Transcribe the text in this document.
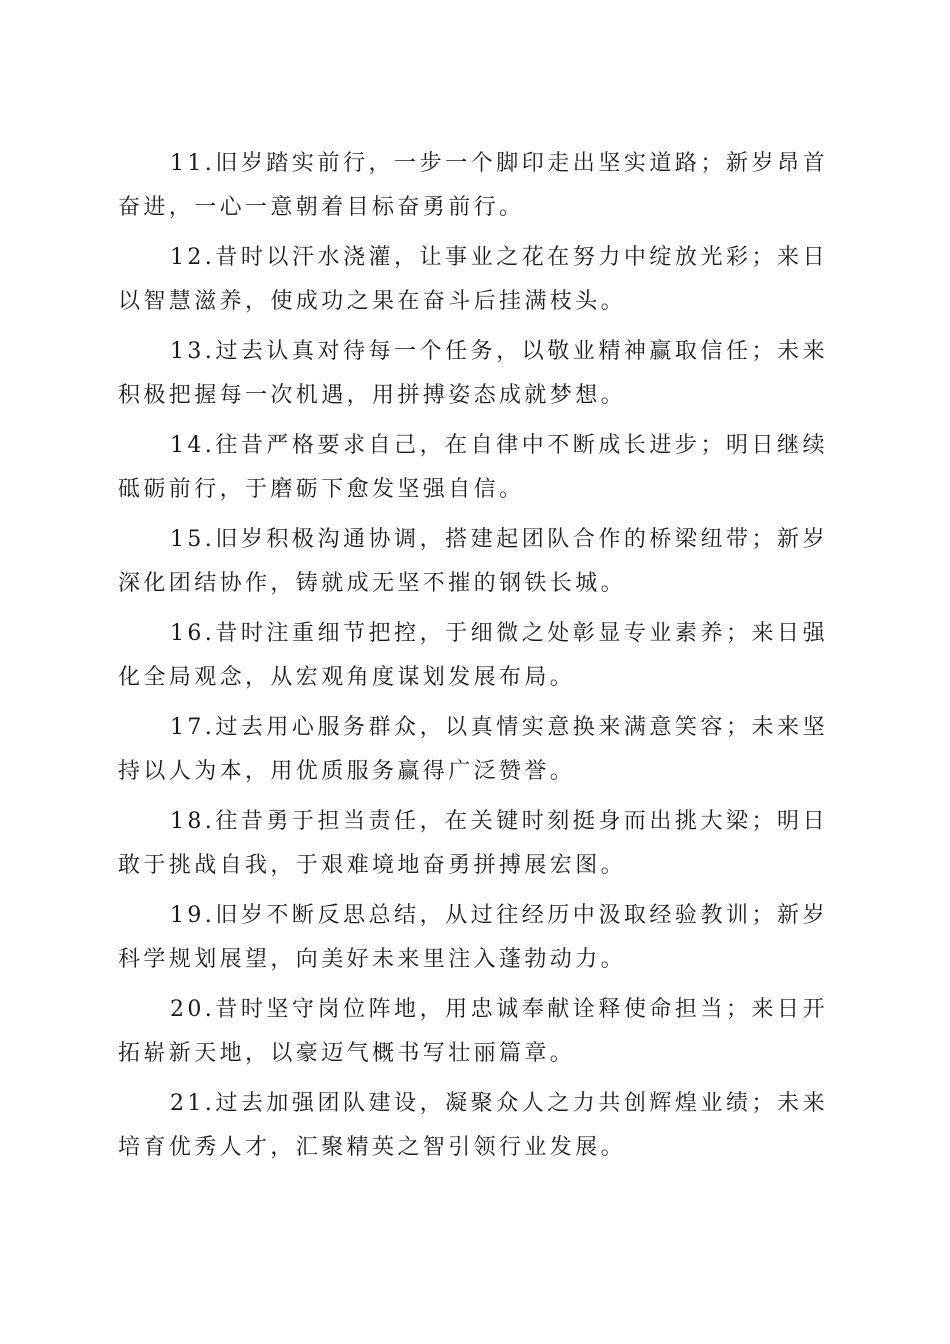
11.旧岁踏实前行，一步一个脚印走出坚实道路；新岁昂首奋进，一心一意朝着目标奋勇前行。

12.昔时以汗水浇灌，让事业之花在努力中绽放光彩；来日以智慧滋养，使成功之果在奋斗后挂满枝头。

13.过去认真对待每一个任务，以敬业精神赢取信任；未来积极把握每一次机遇，用拼搏姿态成就梦想。

14.往昔严格要求自己，在自律中不断成长进步；明日继续砥砺前行，于磨砺下愈发坚强自信。

15.旧岁积极沟通协调，搭建起团队合作的桥梁纽带；新岁深化团结协作，铸就成无坚不摧的钢铁长城。

16.昔时注重细节把控，于细微之处彰显专业素养；来日强化全局观念，从宏观角度谋划发展布局。

17.过去用心服务群众，以真情实意换来满意笑容；未来坚持以人为本，用优质服务赢得广泛赞誉。

18.往昔勇于担当责任，在关键时刻挺身而出挑大梁；明日敢于挑战自我，于艰难境地奋勇拼搏展宏图。

19.旧岁不断反思总结，从过往经历中汲取经验教训；新岁科学规划展望，向美好未来里注入蓬勃动力。

20.昔时坚守岗位阵地，用忠诚奉献诠释使命担当；来日开拓崭新天地，以豪迈气概书写壮丽篇章。

21.过去加强团队建设，凝聚众人之力共创辉煌业绩；未来培育优秀人才，汇聚精英之智引领行业发展。
